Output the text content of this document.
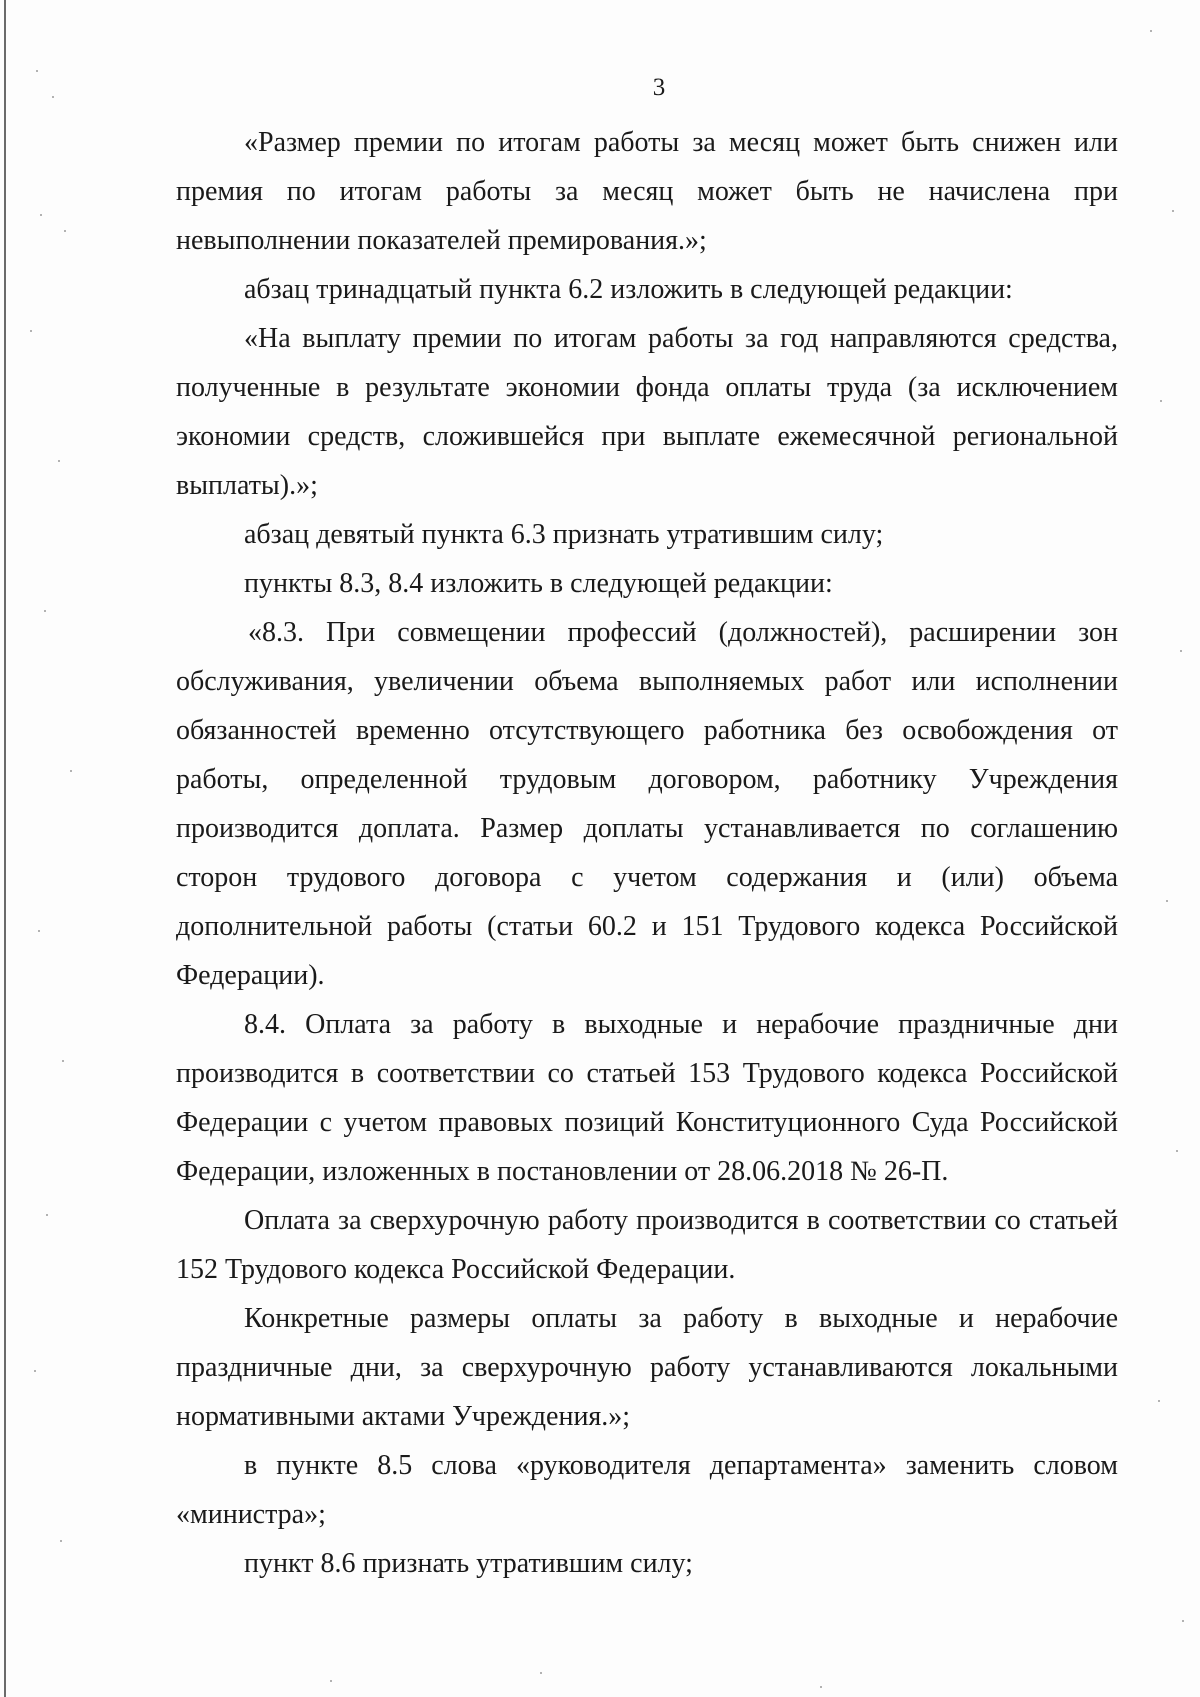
3

«Размер премии по итогам работы за месяц может быть снижен или премия по итогам работы за месяц может быть не начислена при невыполнении показателей премирования.»;

абзац тринадцатый пункта 6.2 изложить в следующей редакции:

«На выплату премии по итогам работы за год направляются средства, полученные в результате экономии фонда оплаты труда (за исключением экономии средств, сложившейся при выплате ежемесячной региональной выплаты).»;

абзац девятый пункта 6.3 признать утратившим силу;

пункты 8.3, 8.4 изложить в следующей редакции:

«8.3. При совмещении профессий (должностей), расширении зон обслуживания, увеличении объема выполняемых работ или исполнении обязанностей временно отсутствующего работника без освобождения от работы, определенной трудовым договором, работнику Учреждения производится доплата. Размер доплаты устанавливается по соглашению сторон трудового договора с учетом содержания и (или) объема дополнительной работы (статьи 60.2 и 151 Трудового кодекса Российской Федерации).

8.4. Оплата за работу в выходные и нерабочие праздничные дни производится в соответствии со статьей 153 Трудового кодекса Российской Федерации с учетом правовых позиций Конституционного Суда Российской Федерации, изложенных в постановлении от 28.06.2018 № 26-П.

Оплата за сверхурочную работу производится в соответствии со статьей 152 Трудового кодекса Российской Федерации.

Конкретные размеры оплаты за работу в выходные и нерабочие праздничные дни, за сверхурочную работу устанавливаются локальными нормативными актами Учреждения.»;

в пункте 8.5 слова «руководителя департамента» заменить словом «министра»;

пункт 8.6 признать утратившим силу;
